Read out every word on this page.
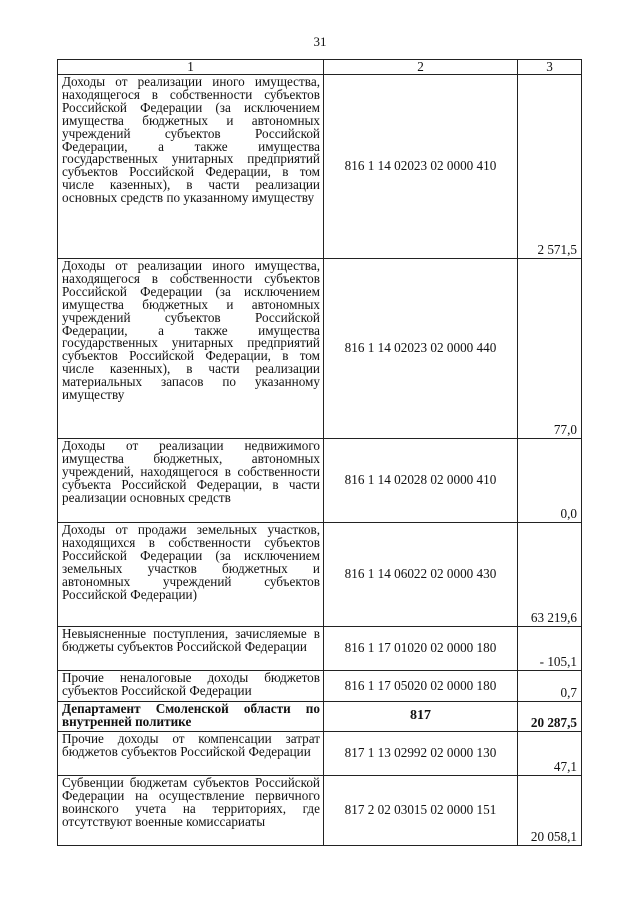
31
1	2	3
Доходы от реализации иного имущества, находящегося в собственности субъектов Российской Федерации (за исключением имущества бюджетных и автономных учреждений субъектов Российской Федерации, а также имущества государственных унитарных предприятий субъектов Российской Федерации, в том числе казенных), в части реализации основных средств по указанному имуществу	816 1 14 02023 02 0000 410	2 571,5
Доходы от реализации иного имущества, находящегося в собственности субъектов Российской Федерации (за исключением имущества бюджетных и автономных учреждений субъектов Российской Федерации, а также имущества государственных унитарных предприятий субъектов Российской Федерации, в том числе казенных), в части реализации материальных запасов по указанному имуществу	816 1 14 02023 02 0000 440	77,0
Доходы от реализации недвижимого имущества бюджетных, автономных учреждений, находящегося в собственности субъекта Российской Федерации, в части реализации основных средств	816 1 14 02028 02 0000 410	0,0
Доходы от продажи земельных участков, находящихся в собственности субъектов Российской Федерации (за исключением земельных участков бюджетных и автономных учреждений субъектов Российской Федерации)	816 1 14 06022 02 0000 430	63 219,6
Невыясненные поступления, зачисляемые в бюджеты субъектов Российской Федерации	816 1 17 01020 02 0000 180	- 105,1
Прочие неналоговые доходы бюджетов субъектов Российской Федерации	816 1 17 05020 02 0000 180	0,7
Департамент Смоленской области по внутренней политике	817	20 287,5
Прочие доходы от компенсации затрат бюджетов субъектов Российской Федерации	817 1 13 02992 02 0000 130	47,1
Субвенции бюджетам субъектов Российской Федерации на осуществление первичного воинского учета на территориях, где отсутствуют военные комиссариаты	817 2 02 03015 02 0000 151	20 058,1
